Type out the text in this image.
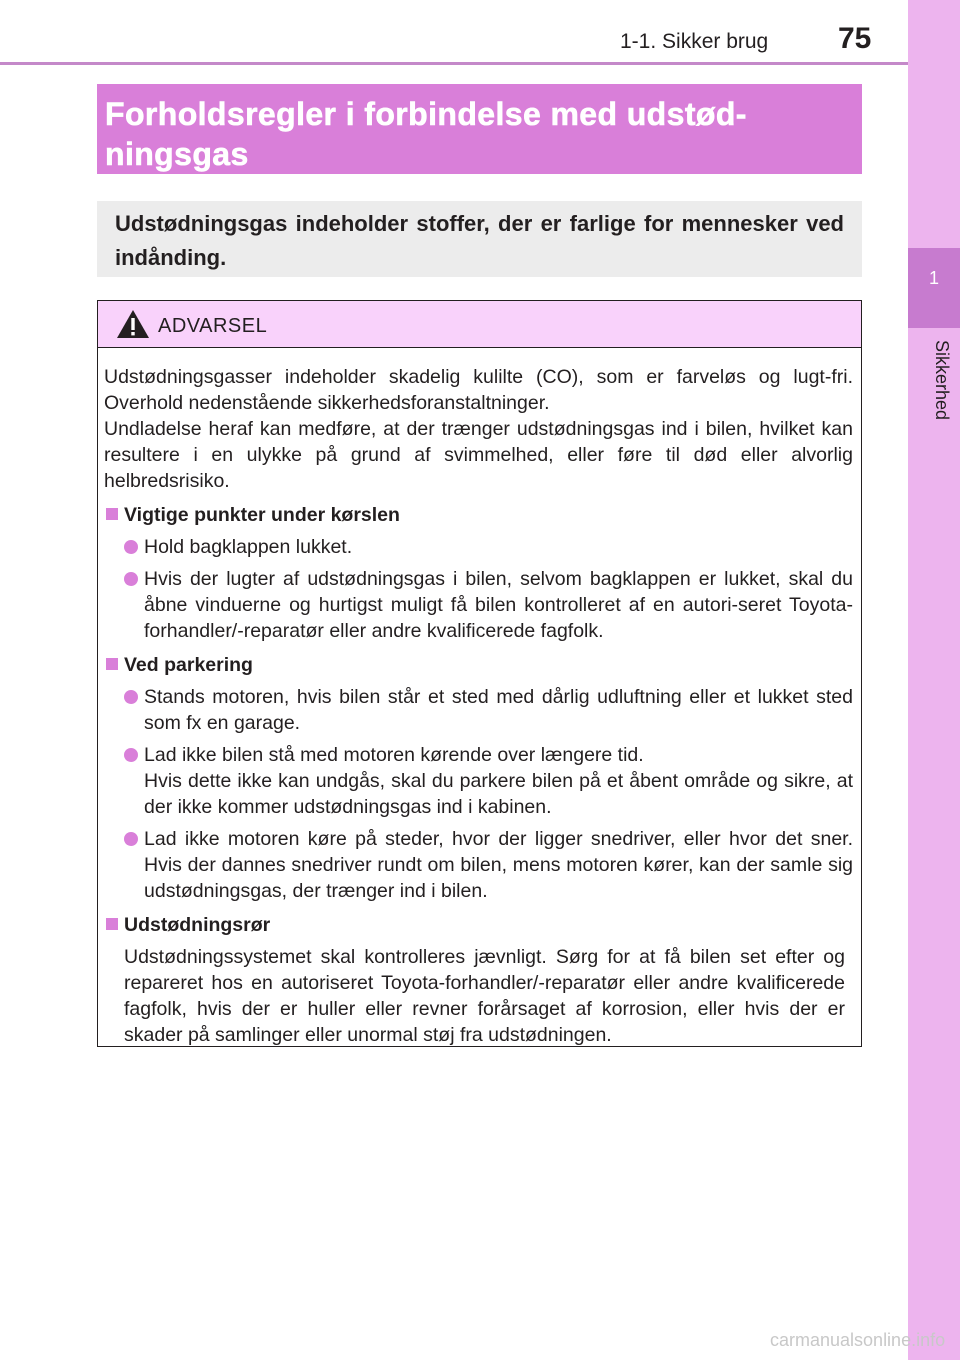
1-1. Sikker brug 75
1
Sikkerhed
Forholdsregler i forbindelse med udstød-
ningsgas
Udstødningsgas indeholder stoffer, der er farlige for mennesker ved indånding.
ADVARSEL

Udstødningsgasser indeholder skadelig kulilte (CO), som er farveløs og lugt-fri. Overhold nedenstående sikkerhedsforanstaltninger.

Undladelse heraf kan medføre, at der trænger udstødningsgas ind i bilen, hvilket kan resultere i en ulykke på grund af svimmelhed, eller føre til død eller alvorlig helbredsrisiko.

Vigtige punkter under kørslen

Hold bagklappen lukket.

Hvis der lugter af udstødningsgas i bilen, selvom bagklappen er lukket, skal du åbne vinduerne og hurtigst muligt få bilen kontrolleret af en autori-seret Toyota-forhandler/-reparatør eller andre kvalificerede fagfolk.

Ved parkering

Stands motoren, hvis bilen står et sted med dårlig udluftning eller et lukket sted som fx en garage.

Lad ikke bilen stå med motoren kørende over længere tid.
Hvis dette ikke kan undgås, skal du parkere bilen på et åbent område og sikre, at der ikke kommer udstødningsgas ind i kabinen.

Lad ikke motoren køre på steder, hvor der ligger snedriver, eller hvor det sner. Hvis der dannes snedriver rundt om bilen, mens motoren kører, kan der samle sig udstødningsgas, der trænger ind i bilen.

Udstødningsrør

Udstødningssystemet skal kontrolleres jævnligt. Sørg for at få bilen set efter og repareret hos en autoriseret Toyota-forhandler/-reparatør eller andre kvalificerede fagfolk, hvis der er huller eller revner forårsaget af korrosion, eller hvis der er skader på samlinger eller unormal støj fra udstødningen.

carmanualsonline.info
